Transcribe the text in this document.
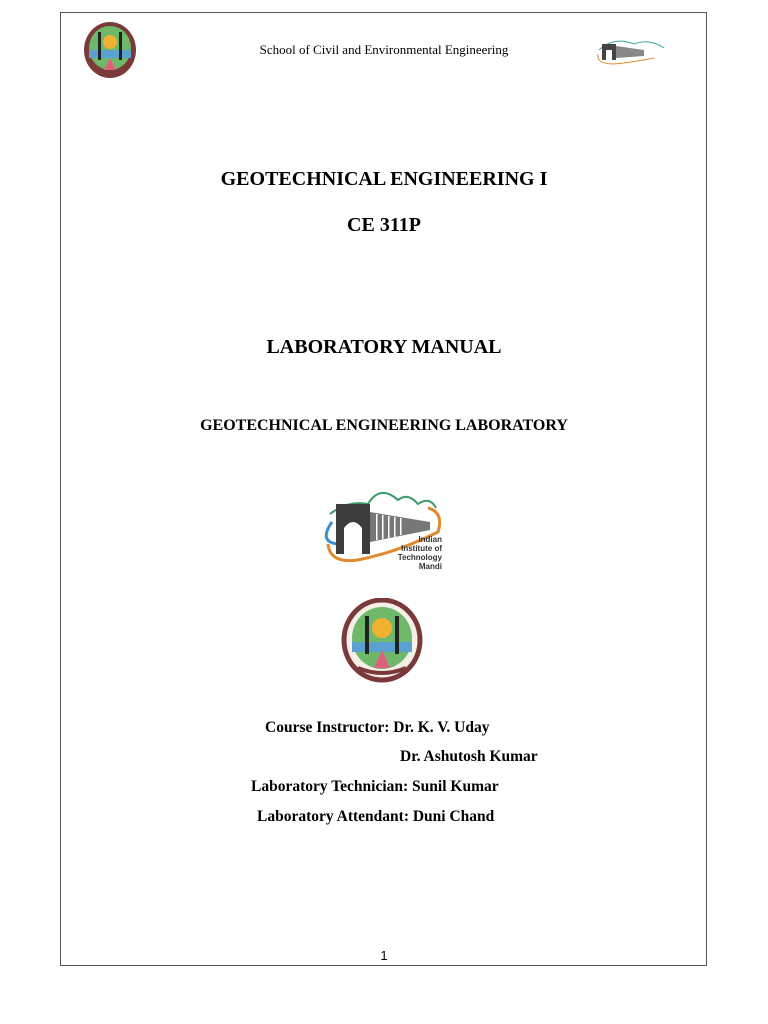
School of Civil and Environmental Engineering
GEOTECHNICAL ENGINEERING I
CE 311P
LABORATORY MANUAL
GEOTECHNICAL ENGINEERING LABORATORY
Indian
Institute of
Technology
Mandi
Course Instructor: Dr. K. V. Uday
Dr. Ashutosh Kumar
Laboratory Technician: Sunil Kumar
Laboratory Attendant: Duni Chand
1
